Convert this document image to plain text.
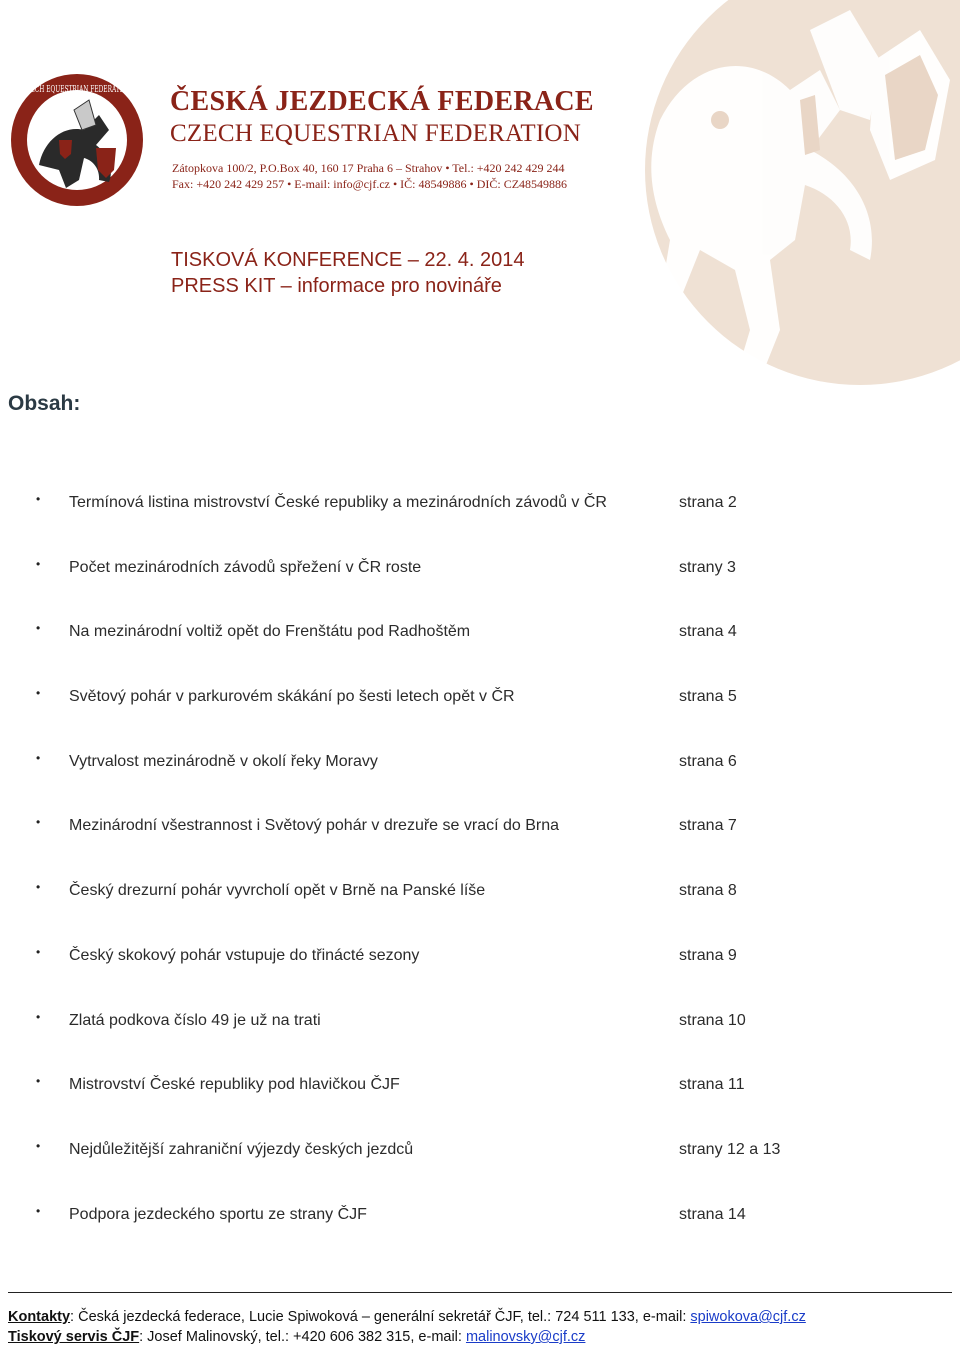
CZECH EQUESTRIAN FEDERATION ČESKÁ JEZDECKÁ FEDERACE
CZECH EQUESTRIAN FEDERATION
Zátopkova 100/2, P.O.Box 40, 160 17 Praha 6 – Strahov • Tel.: +420 242 429 244
Fax: +420 242 429 257 • E-mail: info@cjf.cz • IČ: 48549886 • DIČ: CZ48549886
TISKOVÁ KONFERENCE – 22. 4. 2014
PRESS KIT – informace pro novináře
Obsah:
• Termínová listina mistrovství České republiky a mezinárodních závodů v ČR	strana 2
• Počet mezinárodních závodů spřežení v ČR roste	strany 3
• Na mezinárodní voltiž opět do Frenštátu pod Radhoštěm	strana 4
• Světový pohár v parkurovém skákání po šesti letech opět v ČR	strana 5
• Vytrvalost mezinárodně v okolí řeky Moravy	strana 6
• Mezinárodní všestrannost i Světový pohár v drezuře se vrací do Brna	strana 7
• Český drezurní pohár vyvrcholí opět v Brně na Panské líše	strana 8
• Český skokový pohár vstupuje do třinácté sezony	strana 9
• Zlatá podkova číslo 49 je už na trati	strana 10
• Mistrovství České republiky pod hlavičkou ČJF	strana 11
• Nejdůležitější zahraniční výjezdy českých jezdců	strany 12 a 13
• Podpora jezdeckého sportu ze strany ČJF	strana 14
Kontakty: Česká jezdecká federace, Lucie Spiwoková – generální sekretář ČJF, tel.: 724 511 133, e-mail: spiwokova@cjf.cz
Tiskový servis ČJF: Josef Malinovský, tel.: +420 606 382 315, e-mail: malinovsky@cjf.cz
